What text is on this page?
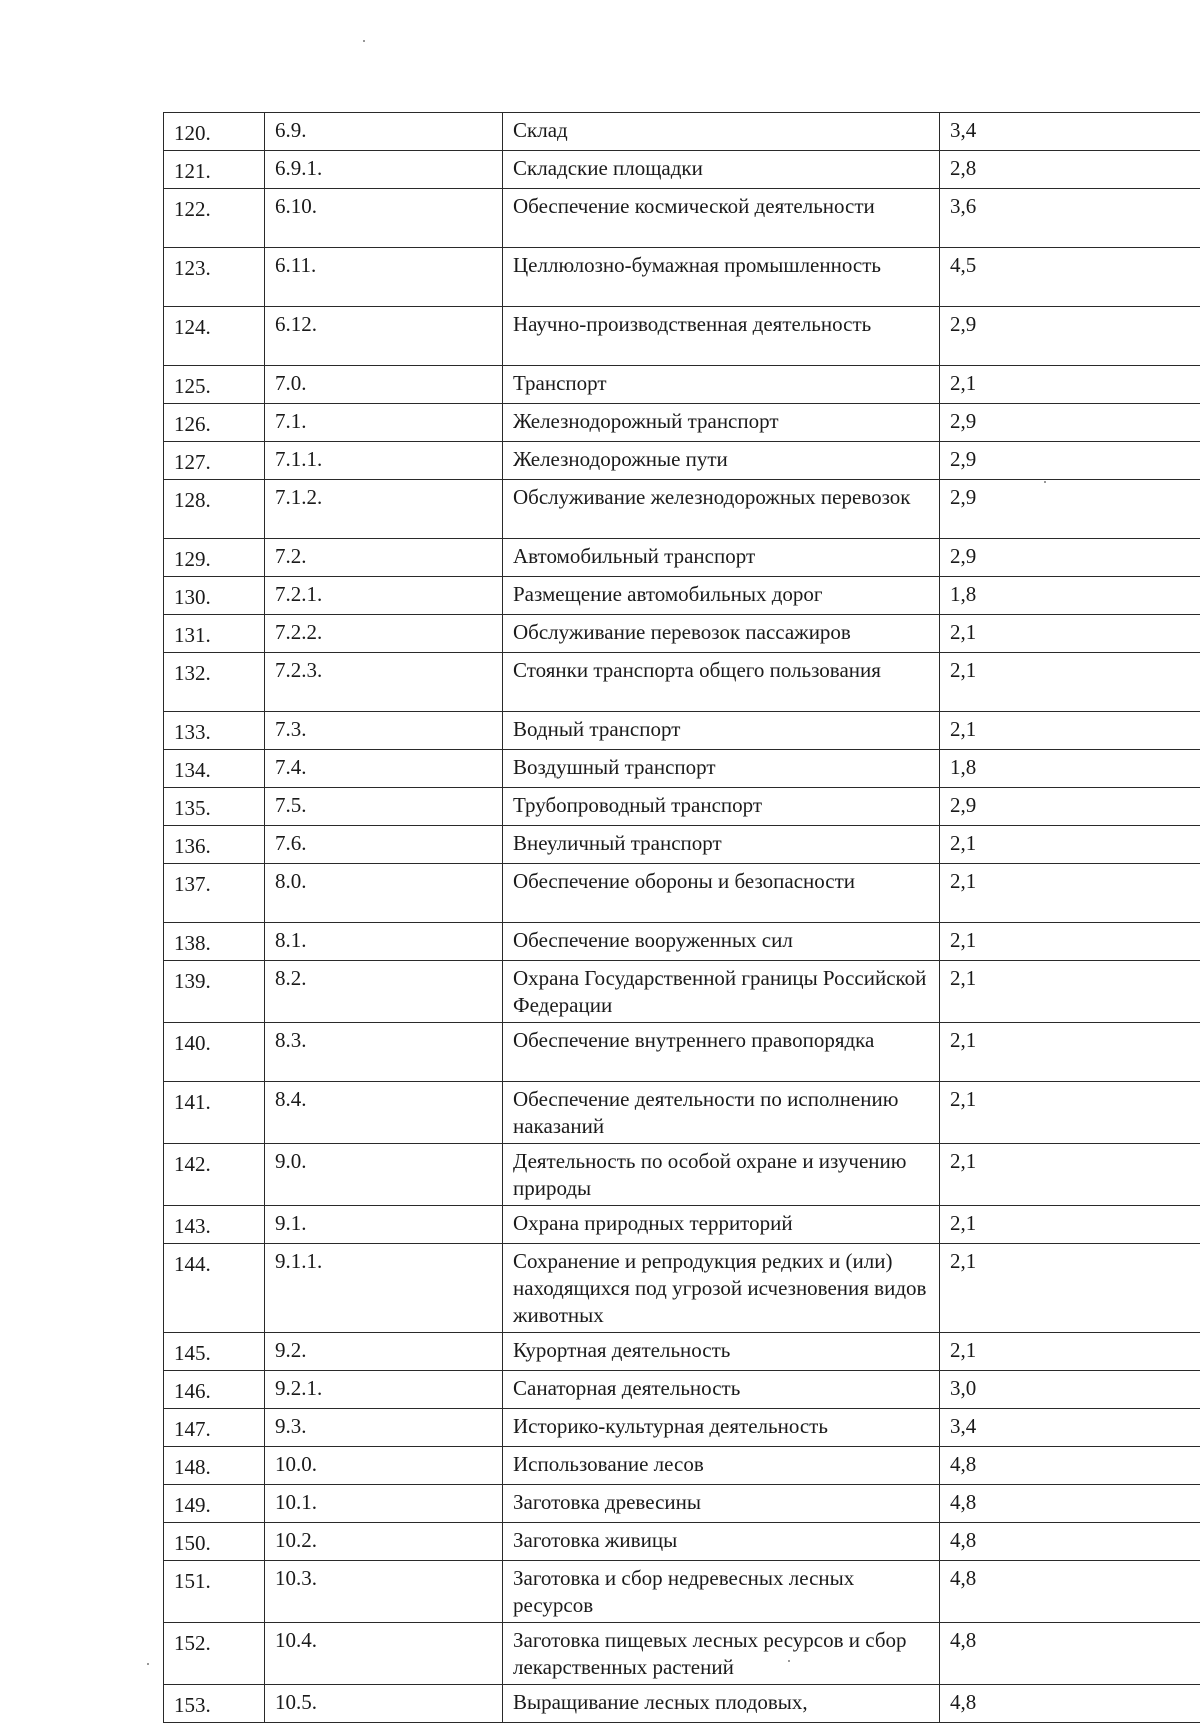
120.	6.9.	Склад	3,4
121.	6.9.1.	Складские площадки	2,8
122.	6.10.	Обеспечение космической деятельности	3,6
123.	6.11.	Целлюлозно-бумажная промышленность	4,5
124.	6.12.	Научно-производственная деятельность	2,9
125.	7.0.	Транспорт	2,1
126.	7.1.	Железнодорожный транспорт	2,9
127.	7.1.1.	Железнодорожные пути	2,9
128.	7.1.2.	Обслуживание железнодорожных перевозок	2,9
129.	7.2.	Автомобильный транспорт	2,9
130.	7.2.1.	Размещение автомобильных дорог	1,8
131.	7.2.2.	Обслуживание перевозок пассажиров	2,1
132.	7.2.3.	Стоянки транспорта общего пользования	2,1
133.	7.3.	Водный транспорт	2,1
134.	7.4.	Воздушный транспорт	1,8
135.	7.5.	Трубопроводный транспорт	2,9
136.	7.6.	Внеуличный транспорт	2,1
137.	8.0.	Обеспечение обороны и безопасности	2,1
138.	8.1.	Обеспечение вооруженных сил	2,1
139.	8.2.	Охрана Государственной границы Российской Федерации	2,1
140.	8.3.	Обеспечение внутреннего правопорядка	2,1
141.	8.4.	Обеспечение деятельности по исполнению наказаний	2,1
142.	9.0.	Деятельность по особой охране и изучению природы	2,1
143.	9.1.	Охрана природных территорий	2,1
144.	9.1.1.	Сохранение и репродукция редких и (или) находящихся под угрозой исчезновения видов животных	2,1
145.	9.2.	Курортная деятельность	2,1
146.	9.2.1.	Санаторная деятельность	3,0
147.	9.3.	Историко-культурная деятельность	3,4
148.	10.0.	Использование лесов	4,8
149.	10.1.	Заготовка древесины	4,8
150.	10.2.	Заготовка живицы	4,8
151.	10.3.	Заготовка и сбор недревесных лесных ресурсов	4,8
152.	10.4.	Заготовка пищевых лесных ресурсов и сбор лекарственных растений	4,8
153.	10.5.	Выращивание лесных плодовых,	4,8
